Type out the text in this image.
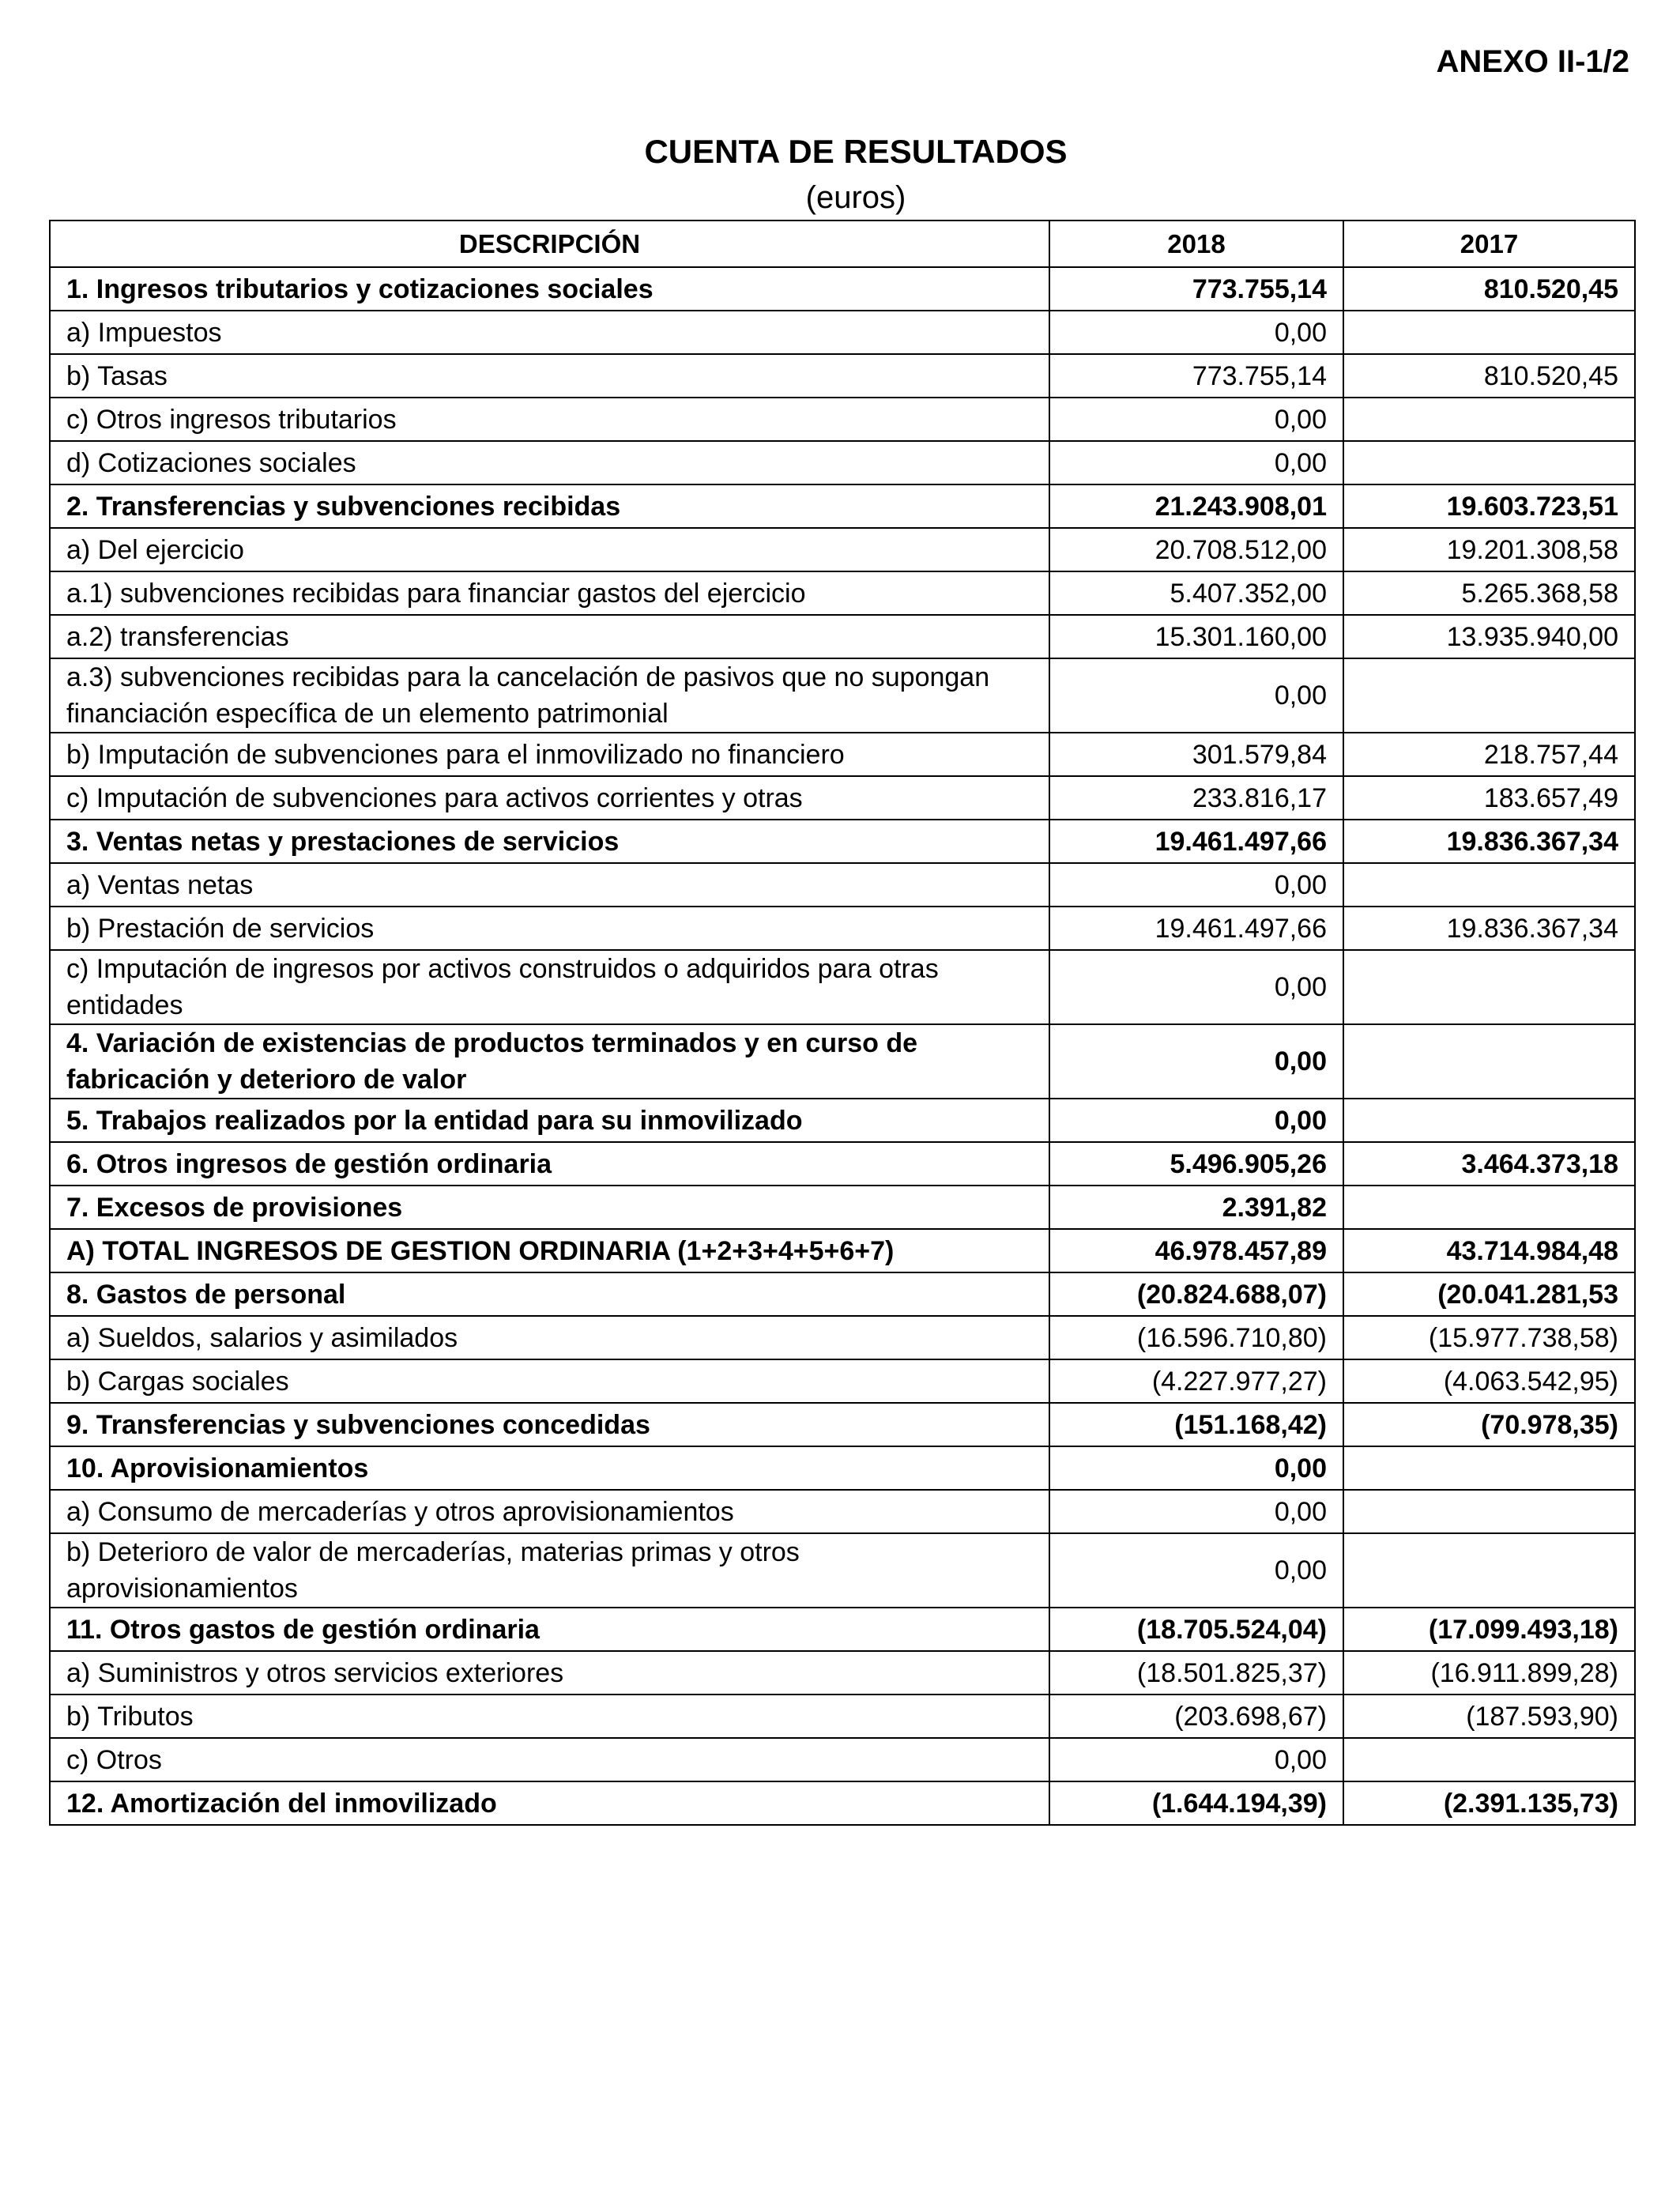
ANEXO II-1/2
CUENTA DE RESULTADOS
(euros)
DESCRIPCIÓN	2018	2017
1. Ingresos tributarios y cotizaciones sociales	773.755,14	810.520,45
a) Impuestos	0,00	
b) Tasas	773.755,14	810.520,45
c) Otros ingresos tributarios	0,00	
d) Cotizaciones sociales	0,00	
2. Transferencias y subvenciones recibidas	21.243.908,01	19.603.723,51
a) Del ejercicio	20.708.512,00	19.201.308,58
a.1) subvenciones recibidas para financiar gastos del ejercicio	5.407.352,00	5.265.368,58
a.2) transferencias	15.301.160,00	13.935.940,00
a.3) subvenciones recibidas para la cancelación de pasivos que no supongan financiación específica de un elemento patrimonial	0,00	
b) Imputación de subvenciones para el inmovilizado no financiero	301.579,84	218.757,44
c) Imputación de subvenciones para activos corrientes y otras	233.816,17	183.657,49
3. Ventas netas y prestaciones de servicios	19.461.497,66	19.836.367,34
a) Ventas netas	0,00	
b) Prestación de servicios	19.461.497,66	19.836.367,34
c) Imputación de ingresos por activos construidos o adquiridos para otras entidades	0,00	
4. Variación de existencias de productos terminados y en curso de fabricación y deterioro de valor	0,00	
5. Trabajos realizados por la entidad para su inmovilizado	0,00	
6. Otros ingresos de gestión ordinaria	5.496.905,26	3.464.373,18
7. Excesos de provisiones	2.391,82	
A) TOTAL INGRESOS DE GESTION ORDINARIA (1+2+3+4+5+6+7)	46.978.457,89	43.714.984,48
8. Gastos de personal	(20.824.688,07)	(20.041.281,53
a) Sueldos, salarios y asimilados	(16.596.710,80)	(15.977.738,58)
b) Cargas sociales	(4.227.977,27)	(4.063.542,95)
9. Transferencias y subvenciones concedidas	(151.168,42)	(70.978,35)
10. Aprovisionamientos	0,00	
a) Consumo de mercaderías y otros aprovisionamientos	0,00	
b) Deterioro de valor de mercaderías, materias primas y otros aprovisionamientos	0,00	
11. Otros gastos de gestión ordinaria	(18.705.524,04)	(17.099.493,18)
a) Suministros y otros servicios exteriores	(18.501.825,37)	(16.911.899,28)
b) Tributos	(203.698,67)	(187.593,90)
c) Otros	0,00	
12. Amortización del inmovilizado	(1.644.194,39)	(2.391.135,73)
